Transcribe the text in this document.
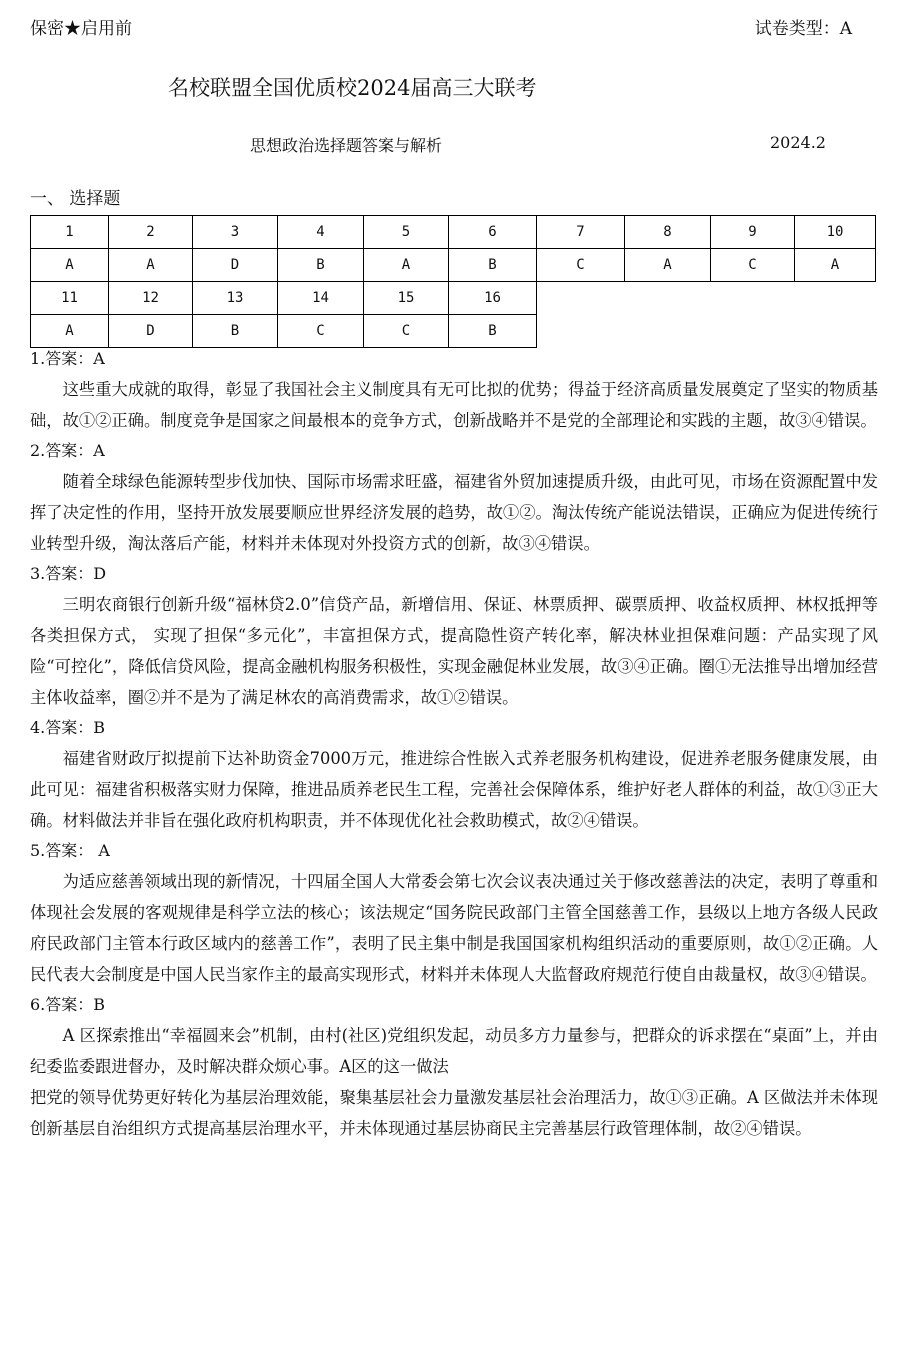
保密★启用前	试卷类型：A
名校联盟全国优质校2024届高三大联考
思想政治选择题答案与解析	2024.2
一、 选择题
1	2	3	4	5	6	7	8	9	10
A	A	D	B	A	B	C	A	C	A
11	12	13	14	15	16				
A	D	B	C	C	B				
1.答案：A

这些重大成就的取得，彰显了我国社会主义制度具有无可比拟的优势；得益于经济高质量发展奠定了坚实的物质基础，故①②正确。制度竞争是国家之间最根本的竞争方式，创新战略并不是党的全部理论和实践的主题，故③④错误。

2.答案：A

随着全球绿色能源转型步伐加快、国际市场需求旺盛，福建省外贸加速提质升级，由此可见，市场在资源配置中发挥了决定性的作用，坚持开放发展要顺应世界经济发展的趋势，故①②。淘汰传统产能说法错误，正确应为促进传统行业转型升级，淘汰落后产能，材料并未体现对外投资方式的创新，故③④错误。

3.答案：D

三明农商银行创新升级“福林贷2.0”信贷产品，新增信用、保证、林票质押、碳票质押、收益权质押、林权抵押等各类担保方式， 实现了担保“多元化”，丰富担保方式，提高隐性资产转化率，解决林业担保难问题：产品实现了风险“可控化”，降低信贷风险，提高金融机构服务积极性，实现金融促林业发展，故③④正确。圈①无法推导出增加经营主体收益率，圈②并不是为了满足林农的高消费需求，故①②错误。

4.答案：B

福建省财政厅拟提前下达补助资金7000万元，推进综合性嵌入式养老服务机构建设，促进养老服务健康发展，由此可见：福建省积极落实财力保障，推进品质养老民生工程，完善社会保障体系，维护好老人群体的利益，故①③正大确。材料做法并非旨在强化政府机构职责，并不体现优化社会救助模式，故②④错误。

5.答案： A

为适应慈善领域出现的新情况，十四届全国人大常委会第七次会议表决通过关于修改慈善法的决定，表明了尊重和体现社会发展的客观规律是科学立法的核心；该法规定“国务院民政部门主管全国慈善工作，县级以上地方各级人民政府民政部门主管本行政区域内的慈善工作”，表明了民主集中制是我国国家机构组织活动的重要原则，故①②正确。人民代表大会制度是中国人民当家作主的最高实现形式，材料并未体现人大监督政府规范行使自由裁量权，故③④错误。

6.答案：B

A 区探索推出“幸福圆来会”机制，由村(社区)党组织发起，动员多方力量参与，把群众的诉求摆在“桌面”上，并由纪委监委跟进督办，及时解决群众烦心事。A区的这一做法

把党的领导优势更好转化为基层治理效能，聚集基层社会力量激发基层社会治理活力，故①③正确。A 区做法并未体现创新基层自治组织方式提高基层治理水平，并未体现通过基层协商民主完善基层行政管理体制，故②④错误。
